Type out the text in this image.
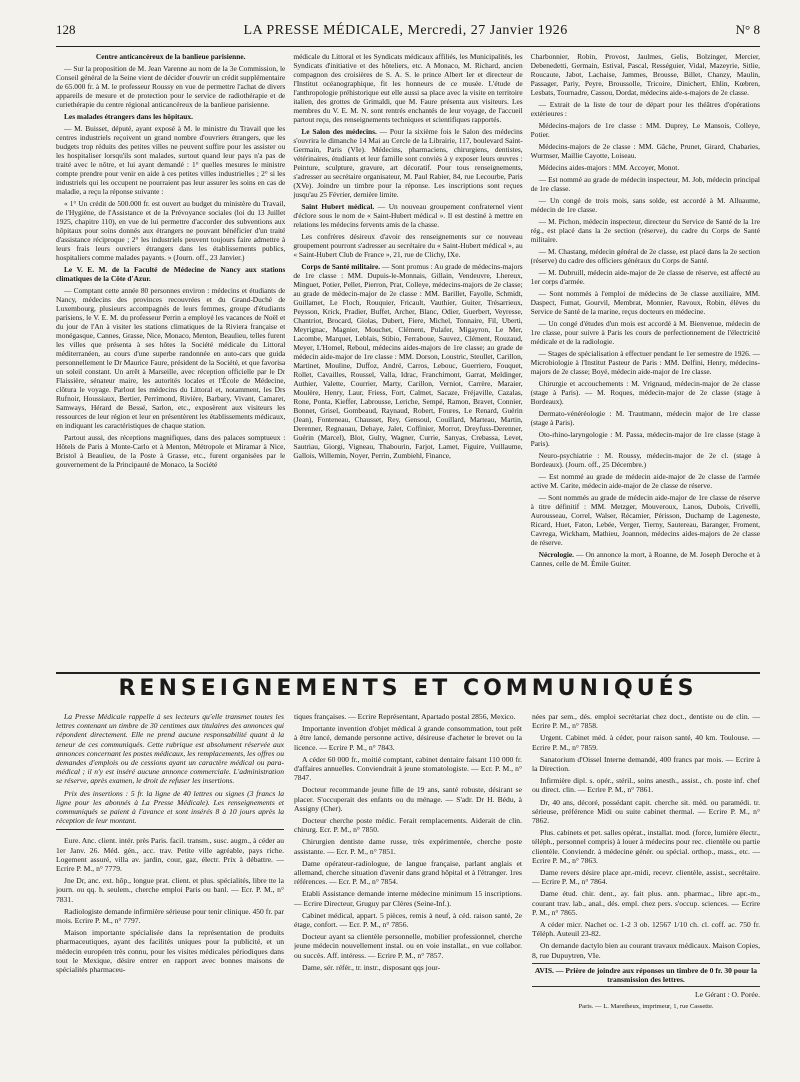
128	LA PRESSE MÉDICALE, Mercredi, 27 Janvier 1926	N° 8

Centre anticancéreux de la banlieue parisienne.

— Sur la proposition de M. Jean Varenne au nom de la 3e Commission, le Conseil général de la Seine vient de décider d'ouvrir un crédit supplémentaire de 65.000 fr. à M. le professeur Roussy en vue de permettre l'achat de divers appareils de mesure et de protection pour le service de radiothérapie et de curiethérapie du centre régional anticancéreux de la banlieue parisienne.

Les malades étrangers dans les hôpitaux.

— M. Buisset, député, ayant exposé à M. le ministre du Travail que les centres industriels reçoivent un grand nombre d'ouvriers étrangers, que les budgets trop réduits des petites villes ne peuvent suffire pour les assister ou les hospitaliser lorsqu'ils sont malades, surtout quand leur pays n'a pas de traité avec le nôtre, et lui ayant demandé : 1° quelles mesures le ministre compte prendre pour venir en aide à ces petites villes industrielles ; 2° si les industriels qui les occupent ne pourraient pas leur assurer les soins en cas de maladie, a reçu la réponse suivante :

« 1° Un crédit de 500.000 fr. est ouvert au budget du ministère du Travail, de l'Hygiène, de l'Assistance et de la Prévoyance sociales (loi du 13 Juillet 1925, chapitre 110), en vue de lui permettre d'accorder des subventions aux hôpitaux pour soins donnés aux étrangers ne pouvant bénéficier d'un traité d'assistance réciproque ; 2° les industriels peuvent toujours faire admettre à leurs frais leurs ouvriers étrangers dans les établissements publics, hospitaliers comme malades payants. » (Journ. off., 23 Janvier.)

Le V. E. M. de la Faculté de Médecine de Nancy aux stations climatiques de la Côte d'Azur.

— Comptant cette année 80 personnes environ : médecins et étudiants de Nancy, médecins des provinces recouvrées et du Grand-Duché de Luxembourg, plusieurs accompagnés de leurs femmes, groupe d'étudiants parisiens, le V. E. M. du professeur Perrin a employé les vacances de Noël et du jour de l'An à visiter les stations climatiques de la Riviera française et monégasque, Cannes, Grasse, Nice, Monaco, Menton, Beaulieu, telles furent les villes que présenta à ses hôtes la Société médicale du Littoral méditerranéen, au cours d'une superbe randonnée en auto-cars que guida personnellement le Dr Maurice Faure, président de la Société, et que favorisa un soleil constant. Un arrêt à Marseille, avec réception officielle par le Dr Flaissière, sénateur maire, les autorités locales et l'École de Médecine, clôtura le voyage. Parlout les médecins du Littoral et, notamment, les Drs Rufnoir, Houssiaux, Bertier, Perrimond, Rivière, Barbary, Vivant, Camaret, Samways, Hérard de Bessé, Sarlon, etc., exposèrent aux visiteurs les ressources de leur région et leur en présentèrent les établissements médicaux, en indiquant les caractéristiques de chaque station.

Partout aussi, des réceptions magnifiques, dans des palaces somptueux : Hôtels de Paris à Monte-Carlo et à Menton, Métropole et Miramar à Nice, Bristol à Beaulieu, de la Poste à Grasse, etc., furent organisées par le gouvernement de la Principauté de Monaco, la Société

médicale du Littoral et les Syndicats médicaux affiliés, les Municipalités, les Syndicats d'initiative et des hôteliers, etc. A Monaco, M. Richard, ancien compagnon des croisières de S. A. S. le prince Albert Ier et directeur de l'Institut océanographique, fit les honneurs de ce musée. L'étude de l'anthropologie préhistorique eut elle aussi sa place avec la visite en territoire italien, des grottes de Grimaldi, que M. Faure présenta aux visiteurs. Les membres du V. E. M. N. sont rentrés enchantés de leur voyage, de l'accueil partout reçu, des renseignements techniques et scientifiques rapportés.

Le Salon des médecins. — Pour la sixième fois le Salon des médecins s'ouvrira le dimanche 14 Mai au Cercle de la Librairie, 117, boulevard Saint-Germain, Paris (VIe). Médecins, pharmaciens, chirurgiens, dentistes, vétérinaires, étudiants et leur famille sont conviés à y exposer leurs œuvres : Peinture, sculpture, gravure, art décoratif. Pour tous renseignements, s'adresser au secrétaire organisateur, M. Paul Rabier, 84, rue Lecourbe, Paris (XVe). Joindre un timbre pour la réponse. Les inscriptions sont reçues jusqu'au 25 Février, dernière limite.

Saint Hubert médical. — Un nouveau groupement confraternel vient d'éclore sous le nom de « Saint-Hubert médical ». Il est destiné à mettre en relations les médecins fervents amis de la chasse.

Les confrères désireux d'avoir des renseignements sur ce nouveau groupement pourront s'adresser au secrétaire du « Saint-Hubert médical », au « Saint-Hubert Club de France », 21, rue de Clichy, IXe.

Corps de Santé militaire. — Sont promus : Au grade de médecins-majors de 1re classe : MM. Dupuis-le-Monnais, Gillain, Vendeuvre, Lhereux, Minguet, Potier, Pellet, Pierron, Prat, Colleye, médecins-majors de 2e classe; au grade de médecin-major de 2e classe : MM. Barillet, Fayolle, Schmidt, Guillamet, Le Floch, Rouquier, Fricault, Vauthier, Guiter, Trésarrieux, Peysson, Krick, Pradier, Buffet, Archer, Blanc, Odier, Guerbert, Veyresse, Chantriot, Brocard, Giolas, Dubert, Fiere, Michel, Tonnaire, Fil, Uberti, Meyrignac, Magnier, Mouchet, Clément, Pulafer, Migayron, Le Mer, Lacombe, Marquet, Leblais, Stibio, Ferraboue, Sauvez, Clément, Rouzaud, Meyer, L'Homel, Reboul, médecins aides-majors de 1re classe; au grade de médecin aide-major de 1re classe : MM. Dorson, Loustric, Steullet, Carillon, Martinet, Mouline, Duffoz, André, Carros, Lebouc, Guerriero, Fouquet, Rollet, Cavailles, Roussel, Valla, Idrac, Franchimont, Garrat, Meldinger, Authier, Valette, Courrier, Marty, Carillon, Verniot, Carrère, Maraier, Moulère, Henry, Laur, Friess, Fort, Calmet, Sacaze, Fréjaville, Cazalas, Rone, Ponta, Kieffer, Labrousse, Leriche, Sempé, Ramon, Bravet, Connier, Bonnet, Grisel, Gombeaud, Raynaud, Robert, Foures, Le Renard, Guérin (Jean), Fonteneau, Chausset, Rey, Gensoul, Couillard, Marteau, Martin, Derenner, Regnauau, Dehaye, Jalet, Coffinier, Morrot, Dreyfuss-Derenner, Guérin (Marcel), Blot, Gulty, Wagner, Currie, Sanyas, Crebassa, Levet, Sautriau, Giorgi, Vigneau, Thabourin, Farjot, Lamet, Figuire, Vuillaume, Gallois, Willemin, Noyer, Perrin, Zumbiehl, Finance,

Charbonnier, Robin, Provost, Jaulmes, Gelis, Bolzinger, Mercier, Debenedetti, Germain, Estival, Pascal, Rességuier, Vidal, Mazeyrie, Sitlie, Roucaute, Jabot, Lachaise, Jammes, Brousse, Billet, Chanzy, Maulin, Passager, Pariy, Peyre, Broussolle, Tricoire, Dinichert, Ehlin, Kœbren, Lesbats, Tournadre, Cassou, Dordat, médecins aide-s-majors de 2e classe.

— Extrait de la liste de tour de départ pour les théâtres d'opérations extérieures :

Médecins-majors de 1re classe : MM. Duprey, Le Mansois, Colleye, Potier.

Médecins-majors de 2e classe : MM. Gâche, Prunet, Girard, Chabaries, Wurmser, Maillie Cayotte, Loiseau.

Médecins aides-majors : MM. Accoyer, Monot.

— Est nommé au grade de médecin inspecteur, M. Job, médecin principal de 1re classe.

— Un congé de trois mois, sans solde, est accordé à M. Alluaume, médecin de 1re classe.

— M. Pichon, médecin inspecteur, directeur du Service de Santé de la 1re rég., est placé dans la 2e section (réserve), du cadre du Corps de Santé militaire.

— M. Chastang, médecin général de 2e classe, est placé dans la 2e section (réserve) du cadre des officiers généraux du Corps de Santé.

— M. Dubruill, médecin aide-major de 2e classe de réserve, est affecté au 1er corps d'armée.

— Sont nommés à l'emploi de médecins de 3e classe auxiliaire, MM. Daspect, Fumat, Gourvil, Membrat, Monnier, Ravoux, Robin, élèves du Service de Santé de la marine, reçus docteurs en médecine.

— Un congé d'études d'un mois est accordé à M. Bienvenue, médecin de 1re classe, pour suivre à Paris les cours de perfectionnement de l'électricité médicale et de la radiologie.

— Stages de spécialisation à effectuer pendant le 1er semestre de 1926. — Microbiologie à l'Institut Pasteur de Paris : MM. Delfini, Henry, médecins-majors de 2e classe; Boyé, médecin aide-major de 1re classe.

Chirurgie et accouchements : M. Vrignaud, médecin-major de 2e classe (stage à Paris). — M. Roques, médecin-major de 2e classe (stage à Bordeaux).

Dermato-vénéréologie : M. Trautmann, médecin major de 1re classe (stage à Paris).

Oto-rhino-laryngologie : M. Passa, médecin-major de 1re classe (stage à Paris).

Neuro-psychiatrie : M. Roussy, médecin-major de 2e cl. (stage à Bordeaux). (Journ. off., 25 Décembre.)

— Est nommé au grade de médecin aide-major de 2e classe de l'armée active M. Carite, médecin aide-major de 2e classe de réserve.

— Sont nommés au grade de médecin aide-major de 1re classe de réserve à titre définitif : MM. Metzger, Mouveroux, Lanos, Dubois, Crivelli, Aurousseau, Correl, Walser, Récamier, Périsson, Duchamp de Lageneste, Ricard, Huet, Faton, Lebée, Verger, Tierny, Sautereau, Baranger, Froment, Cavrega, Wickham, Mathieu, Joannon, médecins aides-majors de 2e classe de réserve.

Nécrologie. — On annonce la mort, à Roanne, de M. Joseph Deroche et à Cannes, celle de M. Émile Guiter.

RENSEIGNEMENTS ET COMMUNIQUÉS

La Presse Médicale rappelle à ses lecteurs qu'elle transmet toutes les lettres contenant un timbre de 30 centimes aux titulaires des annonces qui répondent directement. Elle ne prend aucune responsabilité quant à la teneur de ces communiqués. Cette rubrique est absolument réservée aux annonces concernant les postes médicaux, les remplacements, les offres ou demandes d'emplois ou de cessions ayant un caractère médical ou para-médical ; il n'y est inséré aucune annonce commerciale. L'administration se réserve, après examen, le droit de refuser les insertions.

Prix des insertions : 5 fr. la ligne de 40 lettres ou signes (3 francs la ligne pour les abonnés à La Presse Médicale). Les renseignements et communiqués se paient à l'avance et sont insérés 8 à 10 jours après la réception de leur montant.

Eure. Anc. client. intér. près Paris. facil. transm., susc. augm., à céder au 1er Janv. 26. Méd. gén., acc. trav. Petite ville agréable, pays riche. Logement assuré, villa av. jardin, cour, gaz, électr. Prix à débattre. — Ecrire P. M., n° 7779.

Jne Dr, anc. ext. hôp., longue prat. client. et plus. spécialités, libre tte la journ. ou qq. h. seulem., cherche emploi Paris ou banl. — Ecr. P. M., n° 7831.

Radiologiste demande infirmière sérieuse pour tenir clinique. 450 fr. par mois. Ecrire P. M., n° 7797.

Maison importante spécialisée dans la représentation de produits pharmaceutiques, ayant des facilités uniques pour la publicité, et un médecin européen très connu, pour les visites médicales périodiques dans tout le Mexique, désire entrer en rapport avec bonnes maisons de spécialités pharmaceu-

tiques françaises. — Ecrire Représentant, Apartado postal 2856, Mexico.

Importante invention d'objet médical à grande consommation, tout prêt à être lancé, demande personne active, désireuse d'acheter le brevet ou la licence. — Ecrire P. M., n° 7843.

A céder 60 000 fr., moitié comptant, cabinet dentaire faisant 110 000 fr. d'affaires annuelles. Conviendrait à jeune stomatologiste. — Ecr. P. M., n° 7847.

Docteur recommande jeune fille de 19 ans, santé robuste, désirant se placer. S'occuperait des enfants ou du ménage. — S'adr. Dr H. Bédu, à Assigny (Cher).

Docteur cherche poste médic. Ferait remplacements. Aiderait de clin. chirurg. Ecr. P. M., n° 7850.

Chirurgien dentiste dame russe, très expérimentée, cherche poste assistante. — Ecr. P. M., n° 7851.

Dame opérateur-radiologue, de langue française, parlant anglais et allemand, cherche situation d'avenir dans grand hôpital et à l'étranger. 1res références. — Ecr. P. M., n° 7854.

Etabli Assistance demande interne médecine minimum 15 inscriptions. — Ecrire Directeur, Gruguy par Clères (Seine-Inf.).

Cabinet médical, appart. 5 pièces, remis à neuf, à céd. raison santé, 2e étage, confort. — Ecr. P. M., n° 7856.

Docteur ayant sa clientèle personnelle, mobilier professionnel, cherche jeune médecin nouvellement instal. ou en voie installat., en vue collabor. ou succès. Aff. intéress. — Ecrire P. M., n° 7857.

Dame, sér. référ., tr. instr., disposant qqs jour-

nées par sem., dés. emploi secrétariat chez doct., dentiste ou de clin. — Ecrire P. M., n° 7858.

Urgent. Cabinet méd. à céder, pour raison santé, 40 km. Toulouse. — Ecrire P. M., n° 7859.

Sanatorium d'Oissel Interne demandé, 400 francs par mois. — Ecrire à la Direction.

Infirmière dipl. s. opér., stéril., soins anesth., assist., ch. poste inf. chef ou direct. clin. — Ecrire P. M., n° 7861.

Dr, 40 ans, décoré, possédant capit. cherche sit. méd. ou paramédi. tr. sérieuse, préférence Midi ou suite cabinet thermal. — Ecrire P. M., n° 7862.

Plus. cabinets et pet. salles opérat., installat. mod. (force, lumière électr., téléph., personnel compris) à louer à médecins pour rec. clientèle ou partie clientèle. Conviendr. à médecine génér. ou spécial. orthop., mass., etc. — Ecrire P. M., n° 7863.

Dame revers désire place apr.-midi, recevr. clientèle, assist., secrétaire. — Ecrire P. M., n° 7864.

Dame étud. chir. dent., ay. fait plus. ann. pharmac., libre apr.-m., courant trav. lab., anal., dés. empl. chez pers. s'occup. sciences. — Ecrire P. M., n° 7865.

A céder micr. Nachet oc. 1-2 3 ob. 12567 1/10 ch. cl. coff. ac. 750 fr. Téléph. Auteuil 23-82.

On demande dactylo bien au courant travaux médicaux. Maison Copies, 8, rue Dupuytren, VIe.

AVIS. — Prière de joindre aux réponses un timbre de 0 fr. 30 pour la transmission des lettres.

Le Gérant : O. Porée.

Paris. — L. Maretheux, imprimeur, 1, rue Cassette.
